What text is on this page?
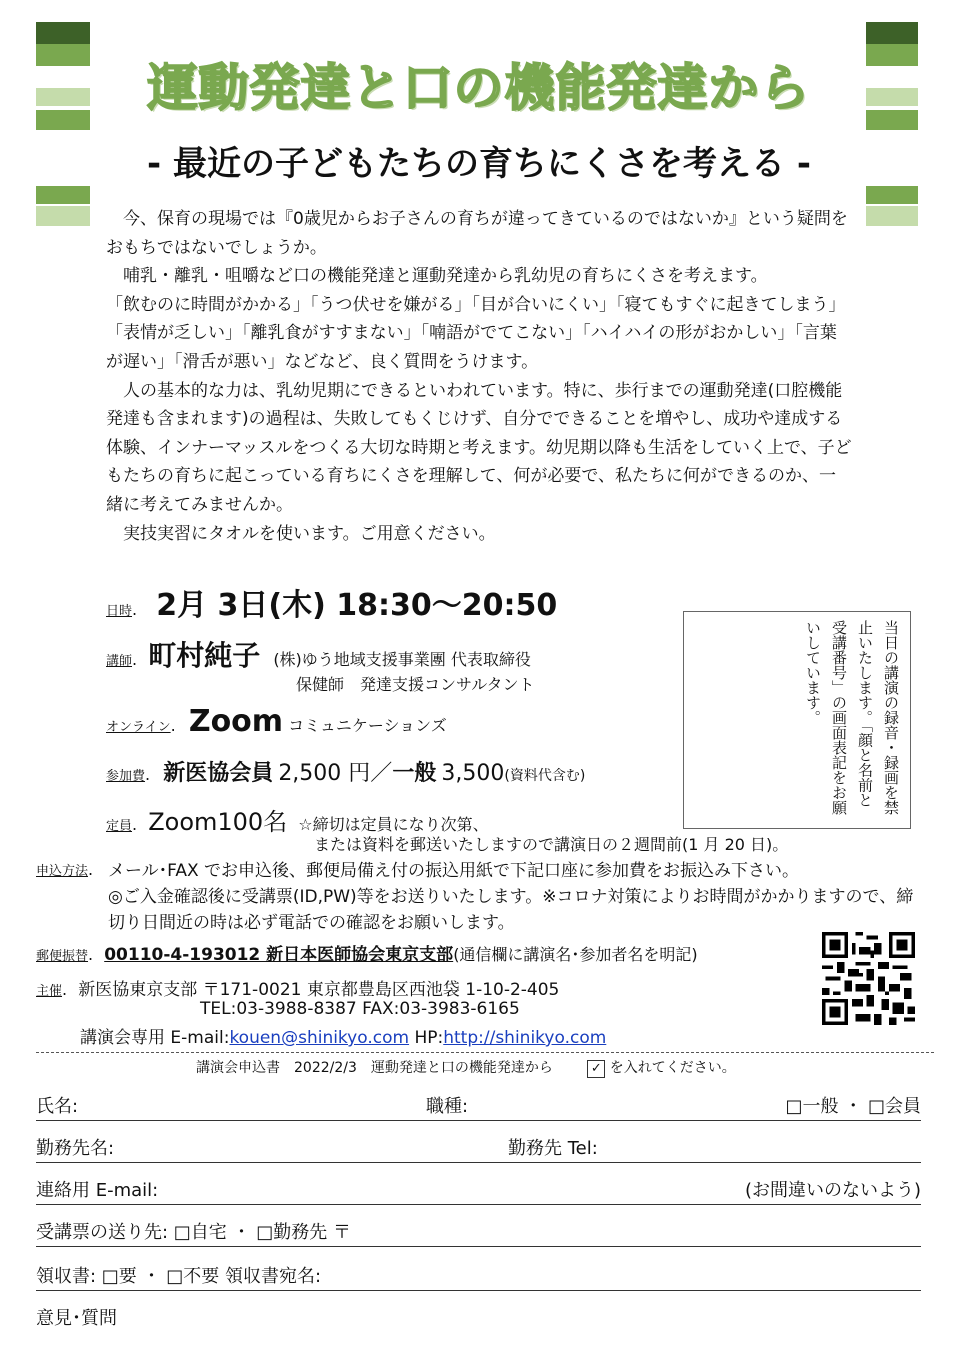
運動発達と口の機能発達から
- 最近の子どもたちの育ちにくさを考える -

　今、保育の現場では『0歳児からお子さんの育ちが違ってきているのではないか』という疑問をおもちではないでしょうか。

　哺乳・離乳・咀嚼など口の機能発達と運動発達から乳幼児の育ちにくさを考えます。

「飲むのに時間がかかる」「うつ伏せを嫌がる」「目が合いにくい」「寝てもすぐに起きてしまう」「表情が乏しい」「離乳食がすすまない」「喃語がでてこない」「ハイハイの形がおかしい」「言葉が遅い」「滑舌が悪い」などなど、良く質問をうけます。

　人の基本的な力は、乳幼児期にできるといわれています。特に、歩行までの運動発達(口腔機能発達も含まれます)の過程は、失敗してもくじけず、自分でできることを増やし、成功や達成する体験、インナーマッスルをつくる大切な時期と考えます。幼児期以降も生活をしていく上で、子どもたちの育ちに起こっている育ちにくさを理解して、何が必要で、私たちに何ができるのか、一緒に考えてみませんか。

　実技実習にタオルを使います。ご用意ください。

日時. 2月 3日(木) 18:30～20:50
講師. 町村純子 (株)ゆう地域支援事業團 代表取締役
保健師　発達支援コンサルタント
オンライン. Zoom コミュニケーションズ
参加費. 新医協会員 2,500 円／一般 3,500(資料代含む)
定員. Zoom100名 ☆締切は定員になり次第、
または資料を郵送いたしますので講演日の２週間前(1 月 20 日)。
当日の講演の録音・録画を禁止いたします。「顔と名前と受講番号」の画面表記をお願いしています。
申込方法. メール･FAX でお申込後、郵便局備え付の振込用紙で下記口座に参加費をお振込み下さい。
◎ご入金確認後に受講票(ID,PW)等をお送りいたします。※コロナ対策によりお時間がかかりますので、締切り日間近の時は必ず電話での確認をお願いします。
郵便振替. 00110-4-193012 新日本医師協会東京支部(通信欄に講演名･参加者名を明記)
主催. 新医協東京支部 〒171-0021 東京都豊島区西池袋 1-10-2-405
TEL:03-3988-8387 FAX:03-3983-6165
講演会専用 E-mail:kouen@shinikyo.com HP:http://shinikyo.com
講演会申込書　2022/2/3　運動発達と口の機能発達から	✓ を入れてください。
氏名:	職種:	□一般 ・ □会員
勤務先名:	勤務先 Tel:
連絡用 E-mail:	(お間違いのないよう)
受講票の送り先: □自宅 ・ □勤務先 〒
領収書: □要 ・ □不要 領収書宛名:
意見･質問
